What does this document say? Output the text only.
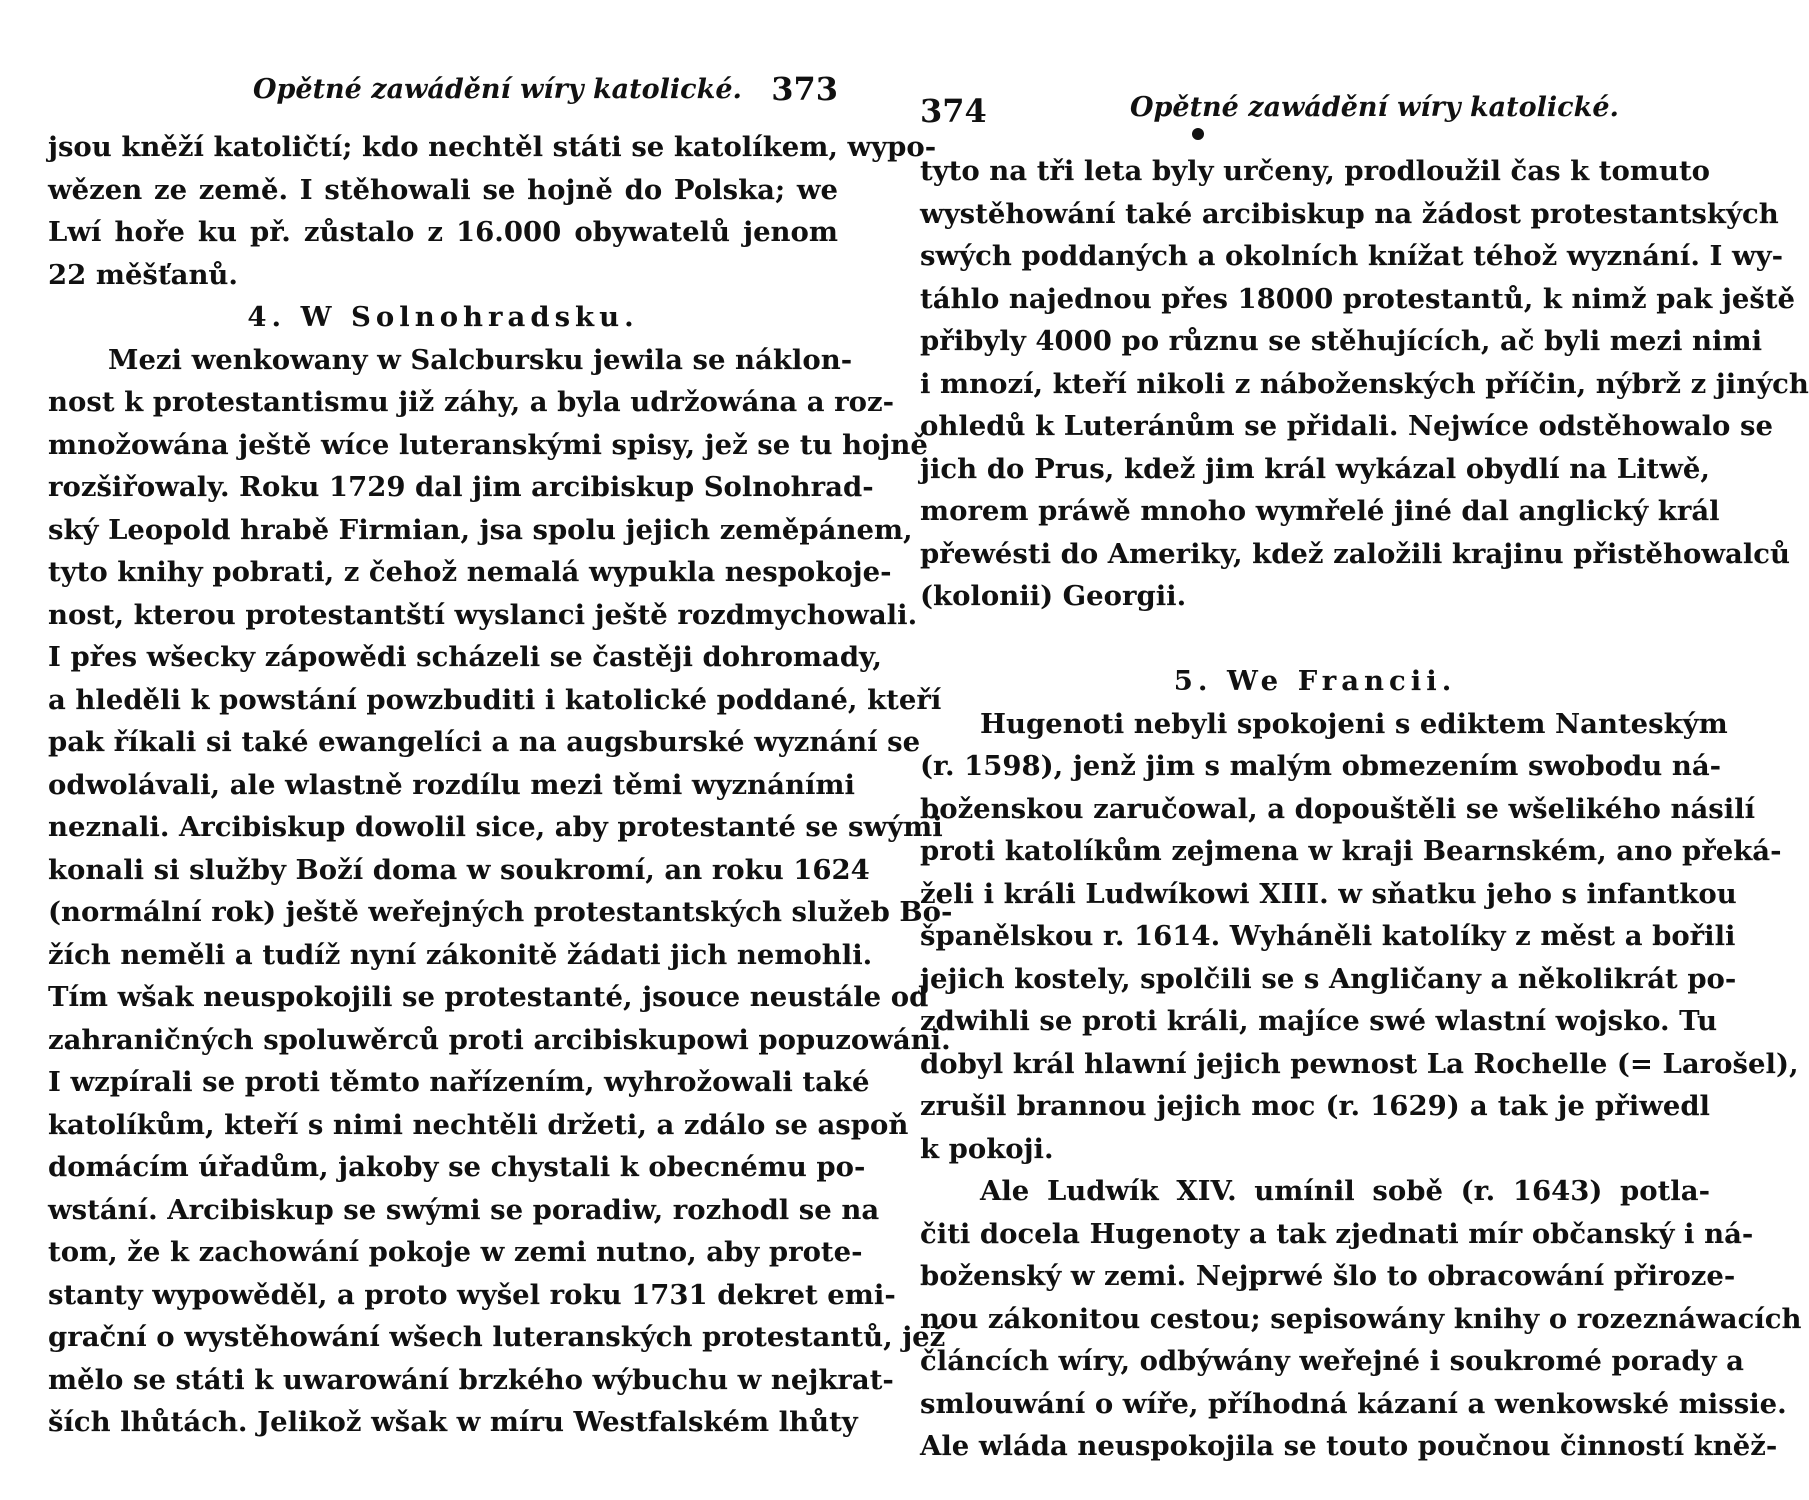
Opětné zawádění wíry katolické. 373
jsou kněží katoličtí; kdo nechtěl státi se katolíkem, wypo-
wězen ze země. I stěhowali se hojně do Polska; we
Lwí hoře ku př. zůstalo z 16.000 obywatelů jenom
22 měšťanů.
4. W Solnohradsku.
Mezi wenkowany w Salcbursku jewila se náklon-
nost k protestantismu již záhy, a byla udržowána a roz-
množowána ještě wíce luteranskými spisy, jež se tu hojně
rozšiřowaly. Roku 1729 dal jim arcibiskup Solnohrad-
ský Leopold hrabě Firmian, jsa spolu jejich zeměpánem,
tyto knihy pobrati, z čehož nemalá wypukla nespokoje-
nost, kterou protestantští wyslanci ještě rozdmychowali.
I přes wšecky zápowědi scházeli se častěji dohromady,
a hleděli k powstání powzbuditi i katolické poddané, kteří
pak říkali si také ewangelíci a na augsburské wyznání se
odwolávali, ale wlastně rozdílu mezi těmi wyznáními
neznali. Arcibiskup dowolil sice, aby protestanté se swými
konali si služby Boží doma w soukromí, an roku 1624
(normální rok) ještě weřejných protestantských služeb Bo-
žích neměli a tudíž nyní zákonitě žádati jich nemohli.
Tím wšak neuspokojili se protestanté, jsouce neustále od
zahraničných spoluwěrců proti arcibiskupowi popuzowáni.
I wzpírali se proti těmto nařízením, wyhrožowali také
katolíkům, kteří s nimi nechtěli držeti, a zdálo se aspoň
domácím úřadům, jakoby se chystali k obecnému po-
wstání. Arcibiskup se swými se poradiw, rozhodl se na
tom, že k zachowání pokoje w zemi nutno, aby prote-
stanty wypowěděl, a proto wyšel roku 1731 dekret emi-
grační o wystěhowání wšech luteranských protestantů, jež
mělo se státi k uwarowání brzkého wýbuchu w nejkrat-
ších lhůtách. Jelikož wšak w míru Westfalském lhůty
374	Opětné zawádění wíry katolické.
tyto na tři leta byly určeny, prodloužil čas k tomuto
wystěhowání také arcibiskup na žádost protestantských
swých poddaných a okolních knížat téhož wyznání. I wy-
táhlo najednou přes 18000 protestantů, k nimž pak ještě
přibyly 4000 po různu se stěhujících, ač byli mezi nimi
i mnozí, kteří nikoli z náboženských příčin, nýbrž z jiných
ohledů k Luteránům se přidali. Nejwíce odstěhowalo se
jich do Prus, kdež jim král wykázal obydlí na Litwě,
morem práwě mnoho wymřelé jiné dal anglický král
přewésti do Ameriky, kdež založili krajinu přistěhowalců
(kolonii) Georgii.
5. We Francii.
Hugenoti nebyli spokojeni s ediktem Nanteským
(r. 1598), jenž jim s malým obmezením swobodu ná-
boženskou zaručowal, a dopouštěli se wšelikého násilí
proti katolíkům zejmena w kraji Bearnském, ano překá-
želi i králi Ludwíkowi XIII. w sňatku jeho s infantkou
španělskou r. 1614. Wyháněli katolíky z měst a bořili
jejich kostely, spolčili se s Angličany a několikrát po-
zdwihli se proti králi, majíce swé wlastní wojsko. Tu
dobyl král hlawní jejich pewnost La Rochelle (= Larošel),
zrušil brannou jejich moc (r. 1629) a tak je přiwedl
k pokoji.
Ale Ludwík XIV. umínil sobě (r. 1643) potla-
čiti docela Hugenoty a tak zjednati mír občanský i ná-
boženský w zemi. Nejprwé šlo to obracowání přiroze-
nou zákonitou cestou; sepisowány knihy o rozeznáwacích
článcích wíry, odbýwány weřejné i soukromé porady a
smlouwání o wíře, příhodná kázaní a wenkowské missie.
Ale wláda neuspokojila se touto poučnou činností kněž-
